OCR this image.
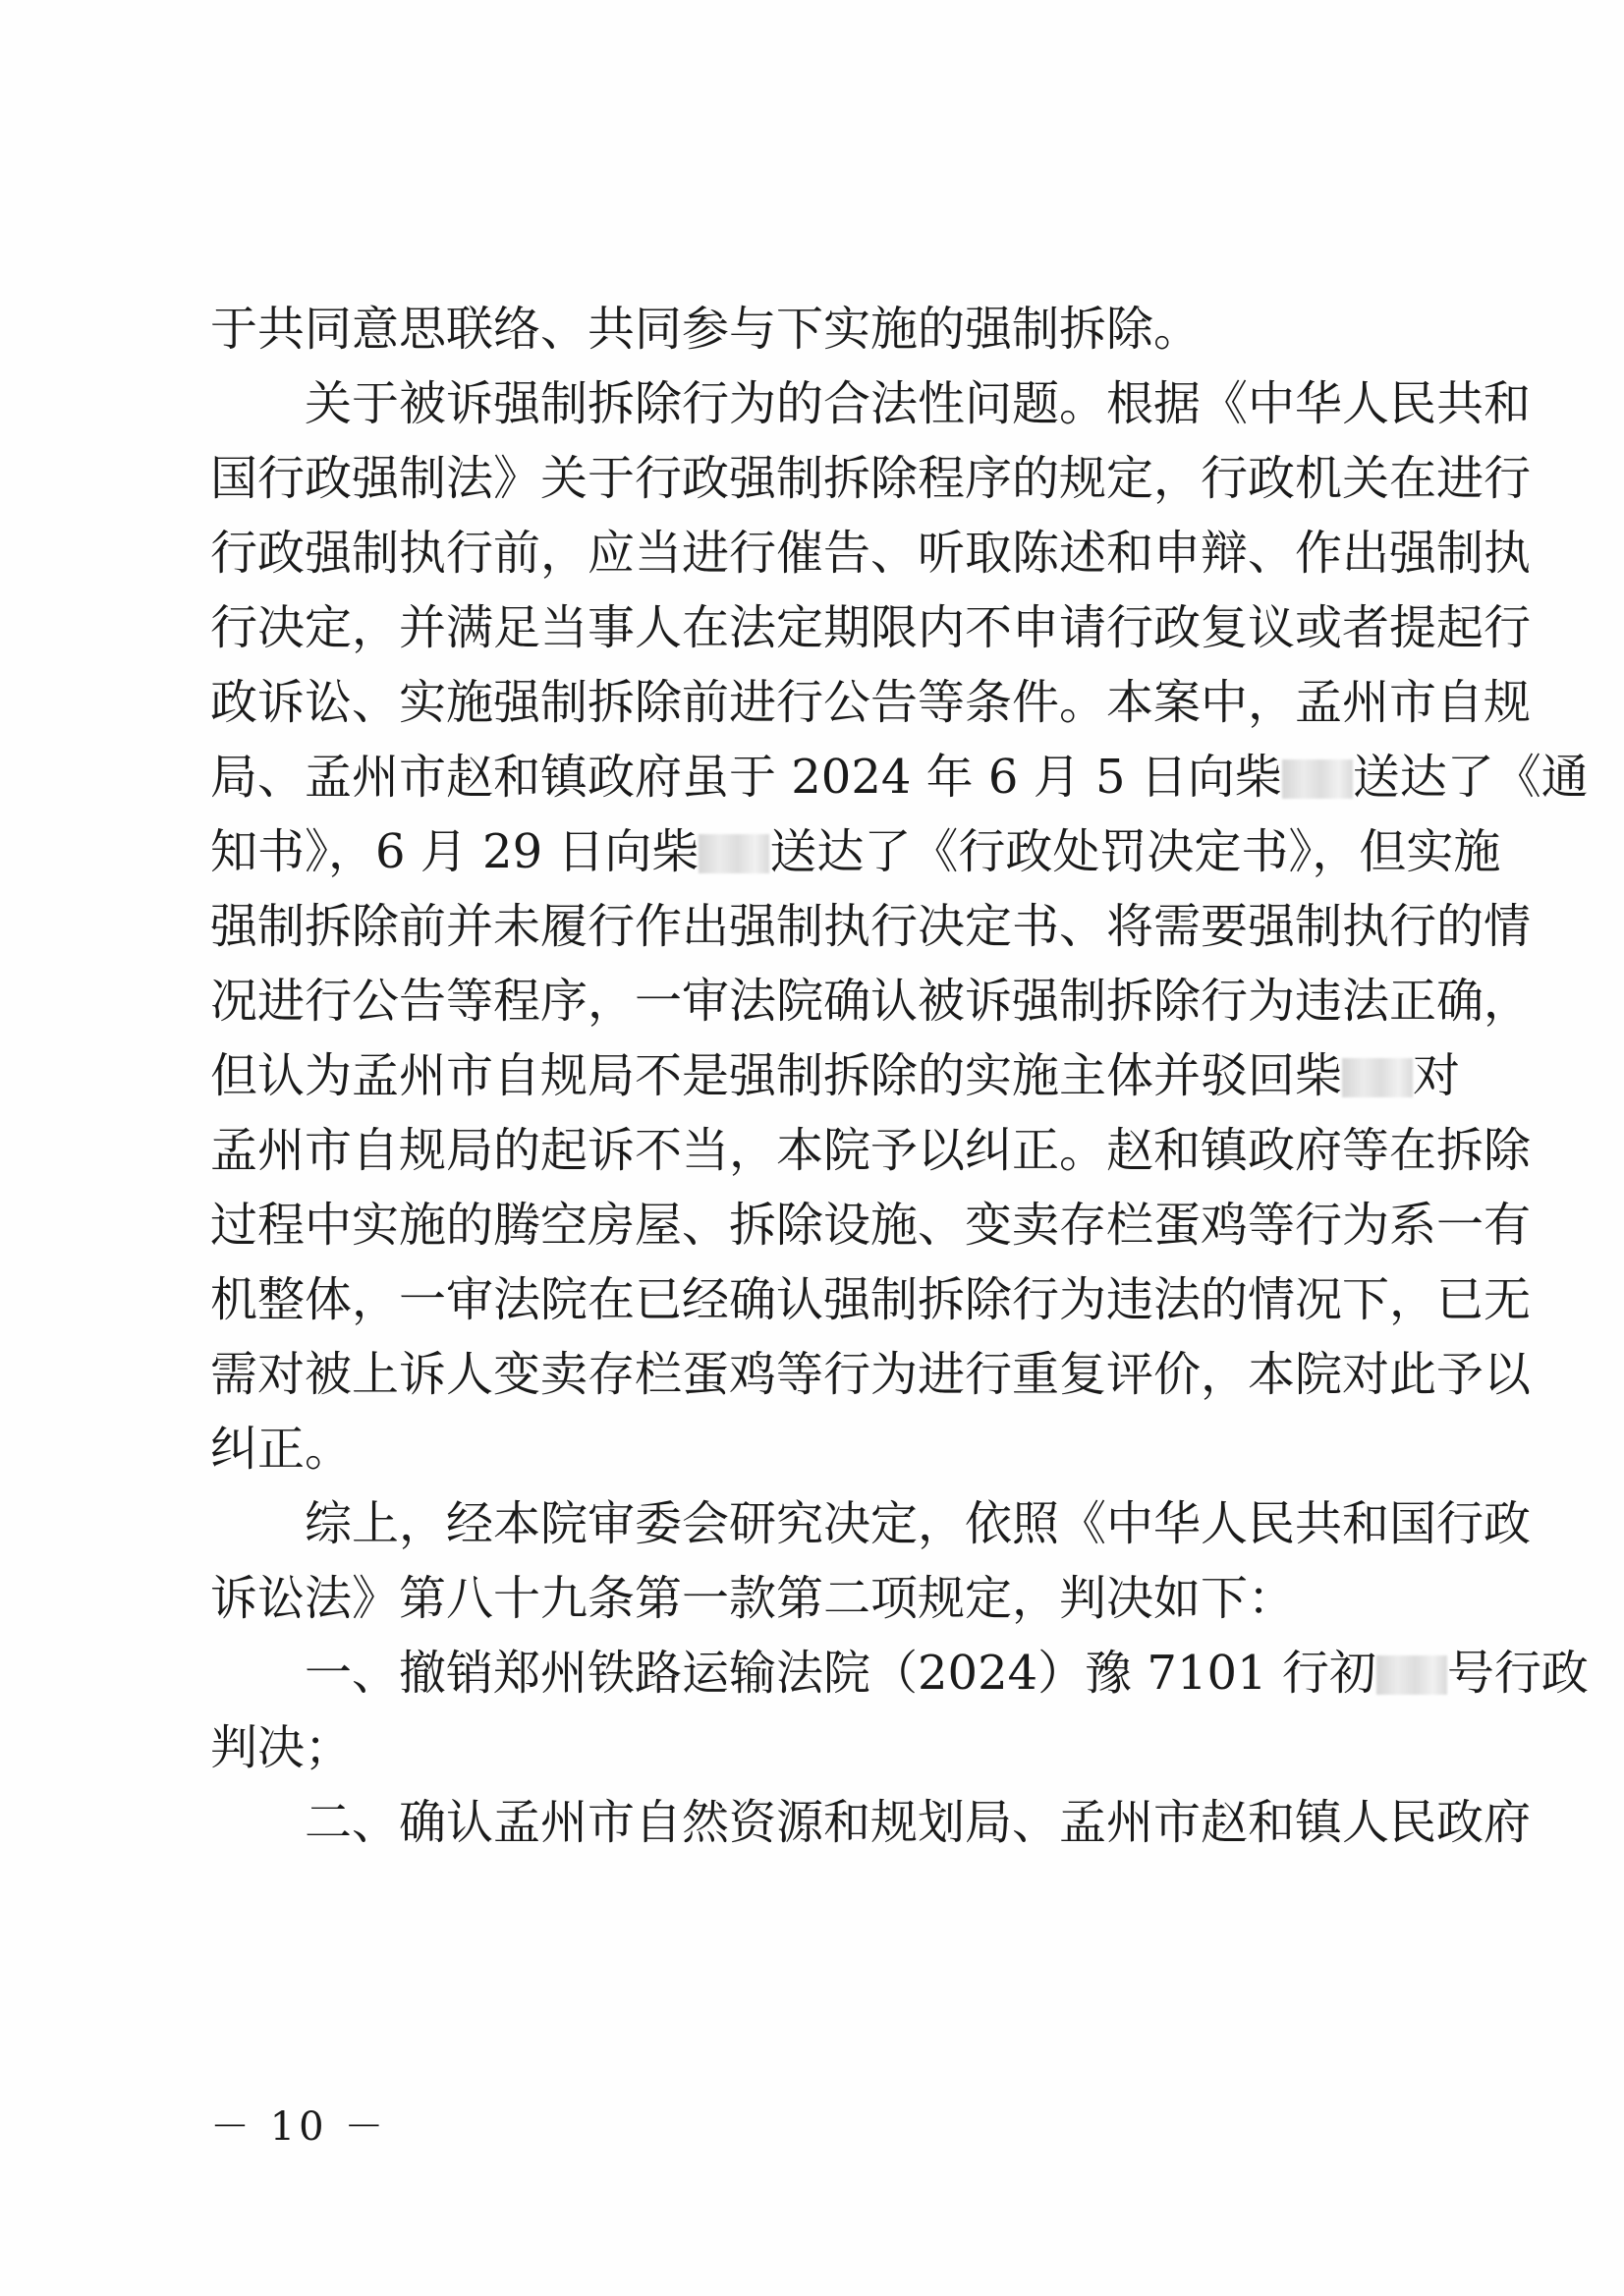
于共同意思联络、共同参与下实施的强制拆除。
关于被诉强制拆除行为的合法性问题。根据《中华人民共和
国行政强制法》关于行政强制拆除程序的规定，行政机关在进行
行政强制执行前，应当进行催告、听取陈述和申辩、作出强制执
行决定，并满足当事人在法定期限内不申请行政复议或者提起行
政诉讼、实施强制拆除前进行公告等条件。本案中，孟州市自规
局、孟州市赵和镇政府虽于 2024 年 6 月 5 日向柴 送达了《通
知书》，6 月 29 日向柴 送达了《行政处罚决定书》，但实施
强制拆除前并未履行作出强制执行决定书、将需要强制执行的情
况进行公告等程序，一审法院确认被诉强制拆除行为违法正确，
但认为孟州市自规局不是强制拆除的实施主体并驳回柴 对
孟州市自规局的起诉不当，本院予以纠正。赵和镇政府等在拆除
过程中实施的腾空房屋、拆除设施、变卖存栏蛋鸡等行为系一有
机整体，一审法院在已经确认强制拆除行为违法的情况下，已无
需对被上诉人变卖存栏蛋鸡等行为进行重复评价，本院对此予以
纠正。
综上，经本院审委会研究决定，依照《中华人民共和国行政
诉讼法》第八十九条第一款第二项规定，判决如下：
一、撤销郑州铁路运输法院（2024）豫 7101 行初 号行政
判决；
二、确认孟州市自然资源和规划局、孟州市赵和镇人民政府
－ 10 －
